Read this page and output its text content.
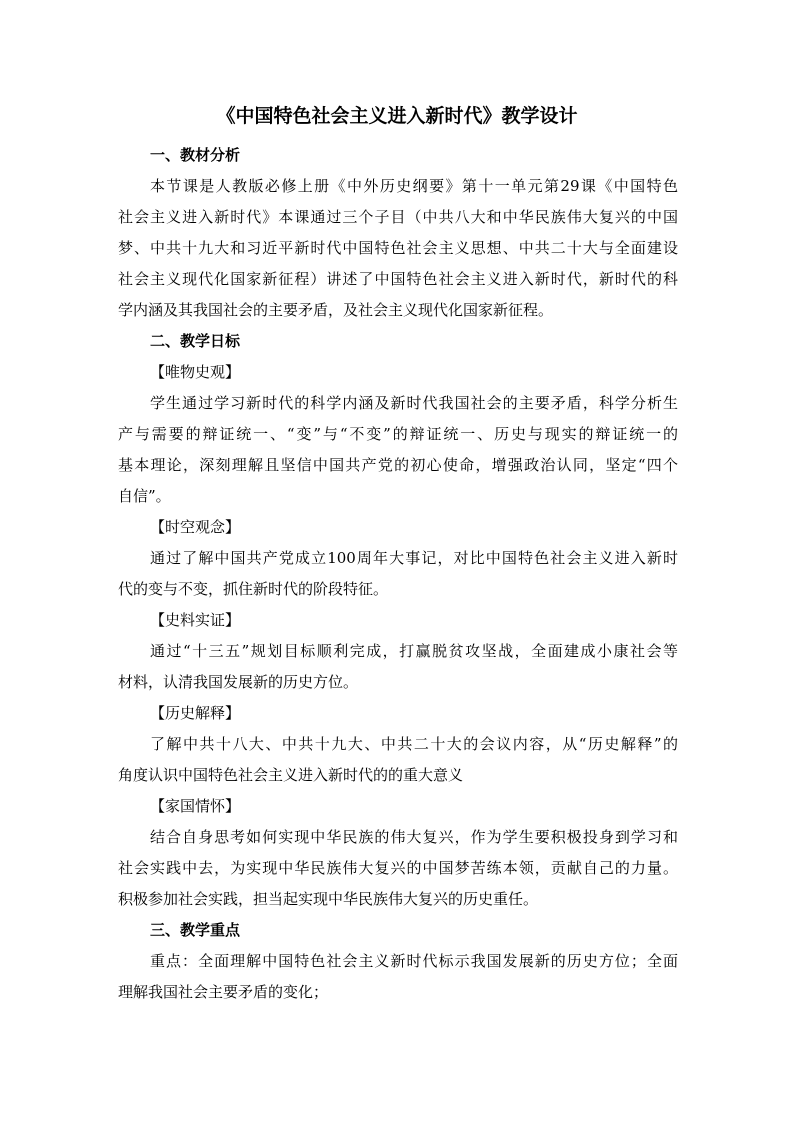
《中国特色社会主义进入新时代》教学设计
一、教材分析
本节课是人教版必修上册《中外历史纲要》第十一单元第29课《中国特色
社会主义进入新时代》本课通过三个子目（中共八大和中华民族伟大复兴的中国
梦、中共十九大和习近平新时代中国特色社会主义思想、中共二十大与全面建设
社会主义现代化国家新征程）讲述了中国特色社会主义进入新时代，新时代的科
学内涵及其我国社会的主要矛盾，及社会主义现代化国家新征程。
二、教学日标
【唯物史观】
学生通过学习新时代的科学内涵及新时代我国社会的主要矛盾，科学分析生
产与需要的辩证统一、“变”与“不变”的辩证统一、历史与现实的辩证统一的
基本理论，深刻理解且坚信中国共产党的初心使命，增强政治认同，坚定“四个
自信”。
【时空观念】
通过了解中国共产党成立100周年大事记，对比中国特色社会主义进入新时
代的变与不变，抓住新时代的阶段特征。
【史料实证】
通过“十三五”规划目标顺利完成，打赢脱贫攻坚战，全面建成小康社会等
材料，认清我国发展新的历史方位。
【历史解释】
了解中共十八大、中共十九大、中共二十大的会议内容，从“历史解释”的
角度认识中国特色社会主义进入新时代的的重大意义
【家国情怀】
结合自身思考如何实现中华民族的伟大复兴，作为学生要积极投身到学习和
社会实践中去，为实现中华民族伟大复兴的中国梦苦练本领，贡献自己的力量。
积极参加社会实践，担当起实现中华民族伟大复兴的历史重任。
三、教学重点
重点：全面理解中国特色社会主义新时代标示我国发展新的历史方位；全面
理解我国社会主要矛盾的变化；
